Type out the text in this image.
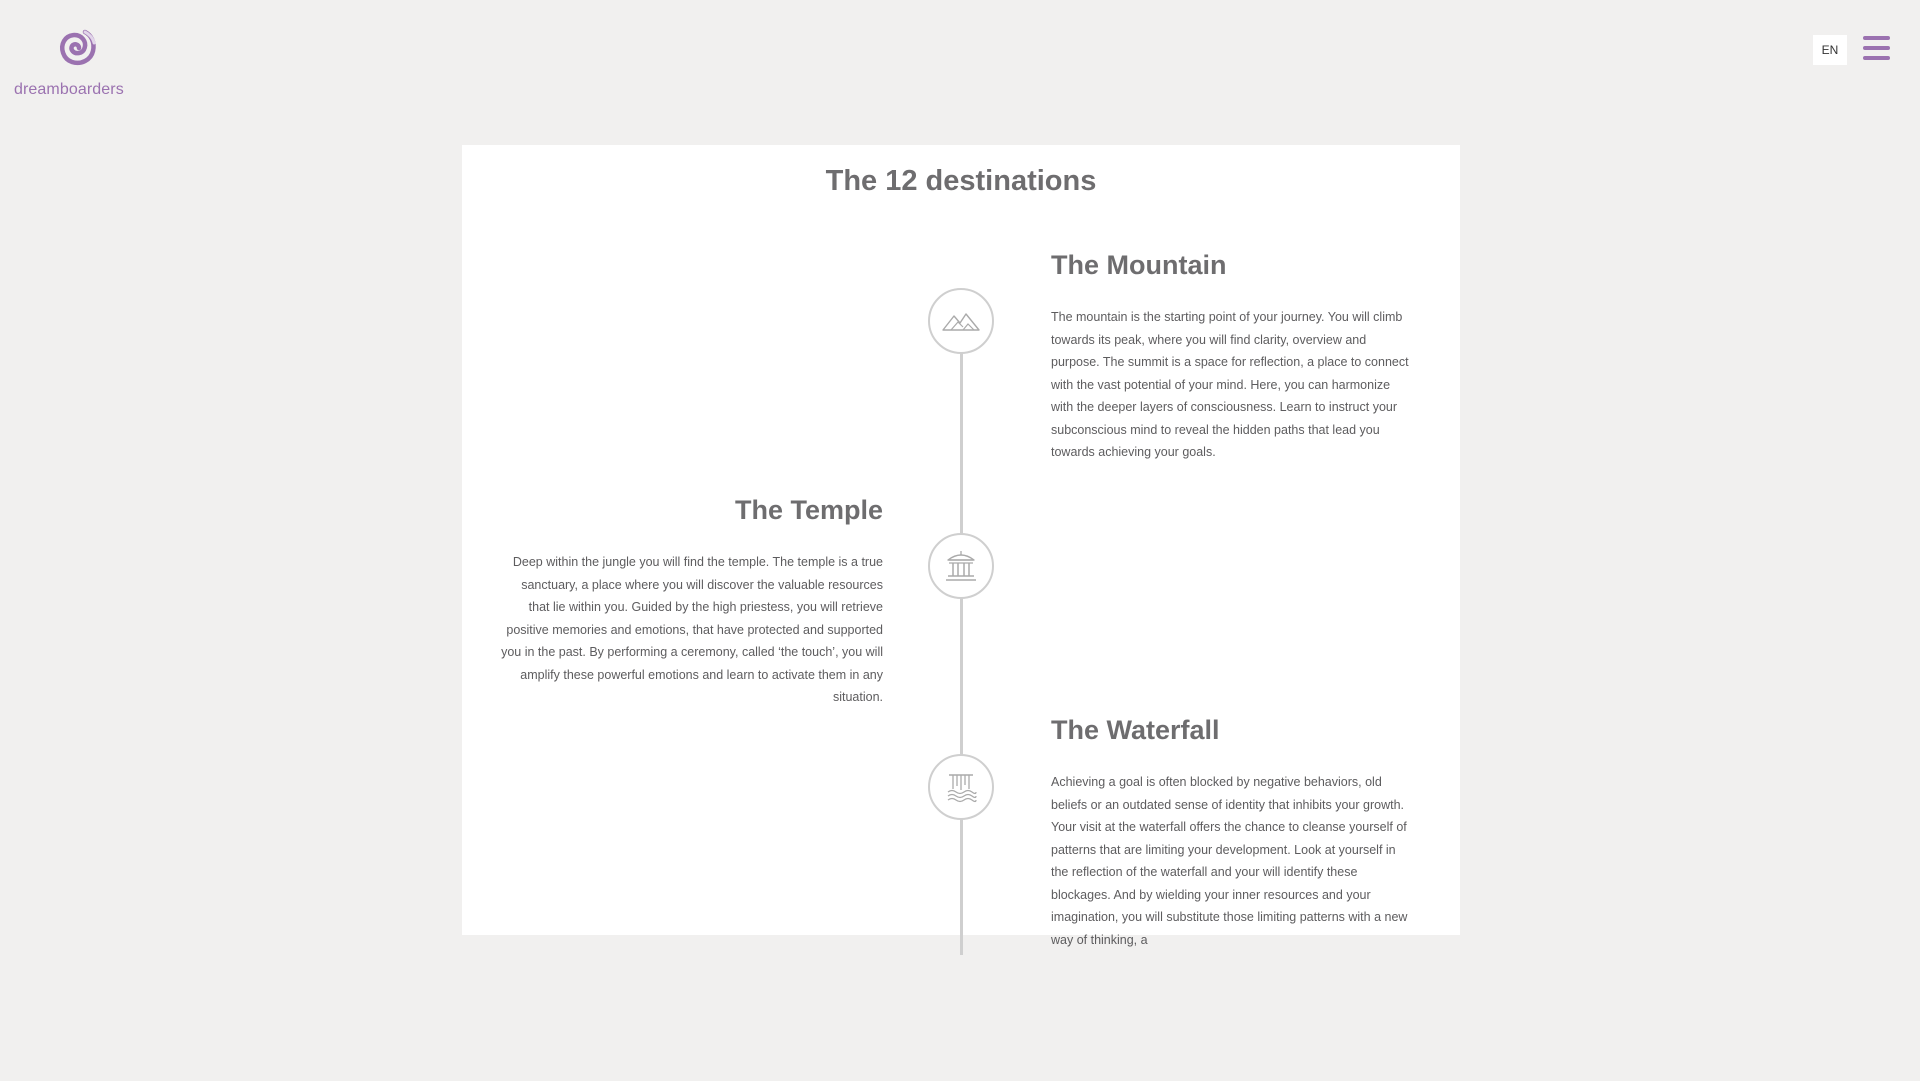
dreamboarders
EN
The 12 destinations
The Mountain

The mountain is the starting point of your journey. You will climb towards its peak, where you will find clarity, overview and purpose. The summit is a space for reflection, a place to connect with the vast potential of your mind. Here, you can harmonize with the deeper layers of consciousness. Learn to instruct your subconscious mind to reveal the hidden paths that lead you towards achieving your goals.

The Temple

Deep within the jungle you will find the temple. The temple is a true sanctuary, a place where you will discover the valuable resources that lie within you. Guided by the high priestess, you will retrieve positive memories and emotions, that have protected and supported you in the past. By performing a ceremony, called ‘the touch’, you will amplify these powerful emotions and learn to activate them in any situation.

The Waterfall

Achieving a goal is often blocked by negative behaviors, old beliefs or an outdated sense of identity that inhibits your growth. Your visit at the waterfall offers the chance to cleanse yourself of patterns that are limiting your development. Look at yourself in the reflection of the waterfall and your will identify these blockages. And by wielding your inner resources and your imagination, you will substitute those limiting patterns with a new way of thinking, a
